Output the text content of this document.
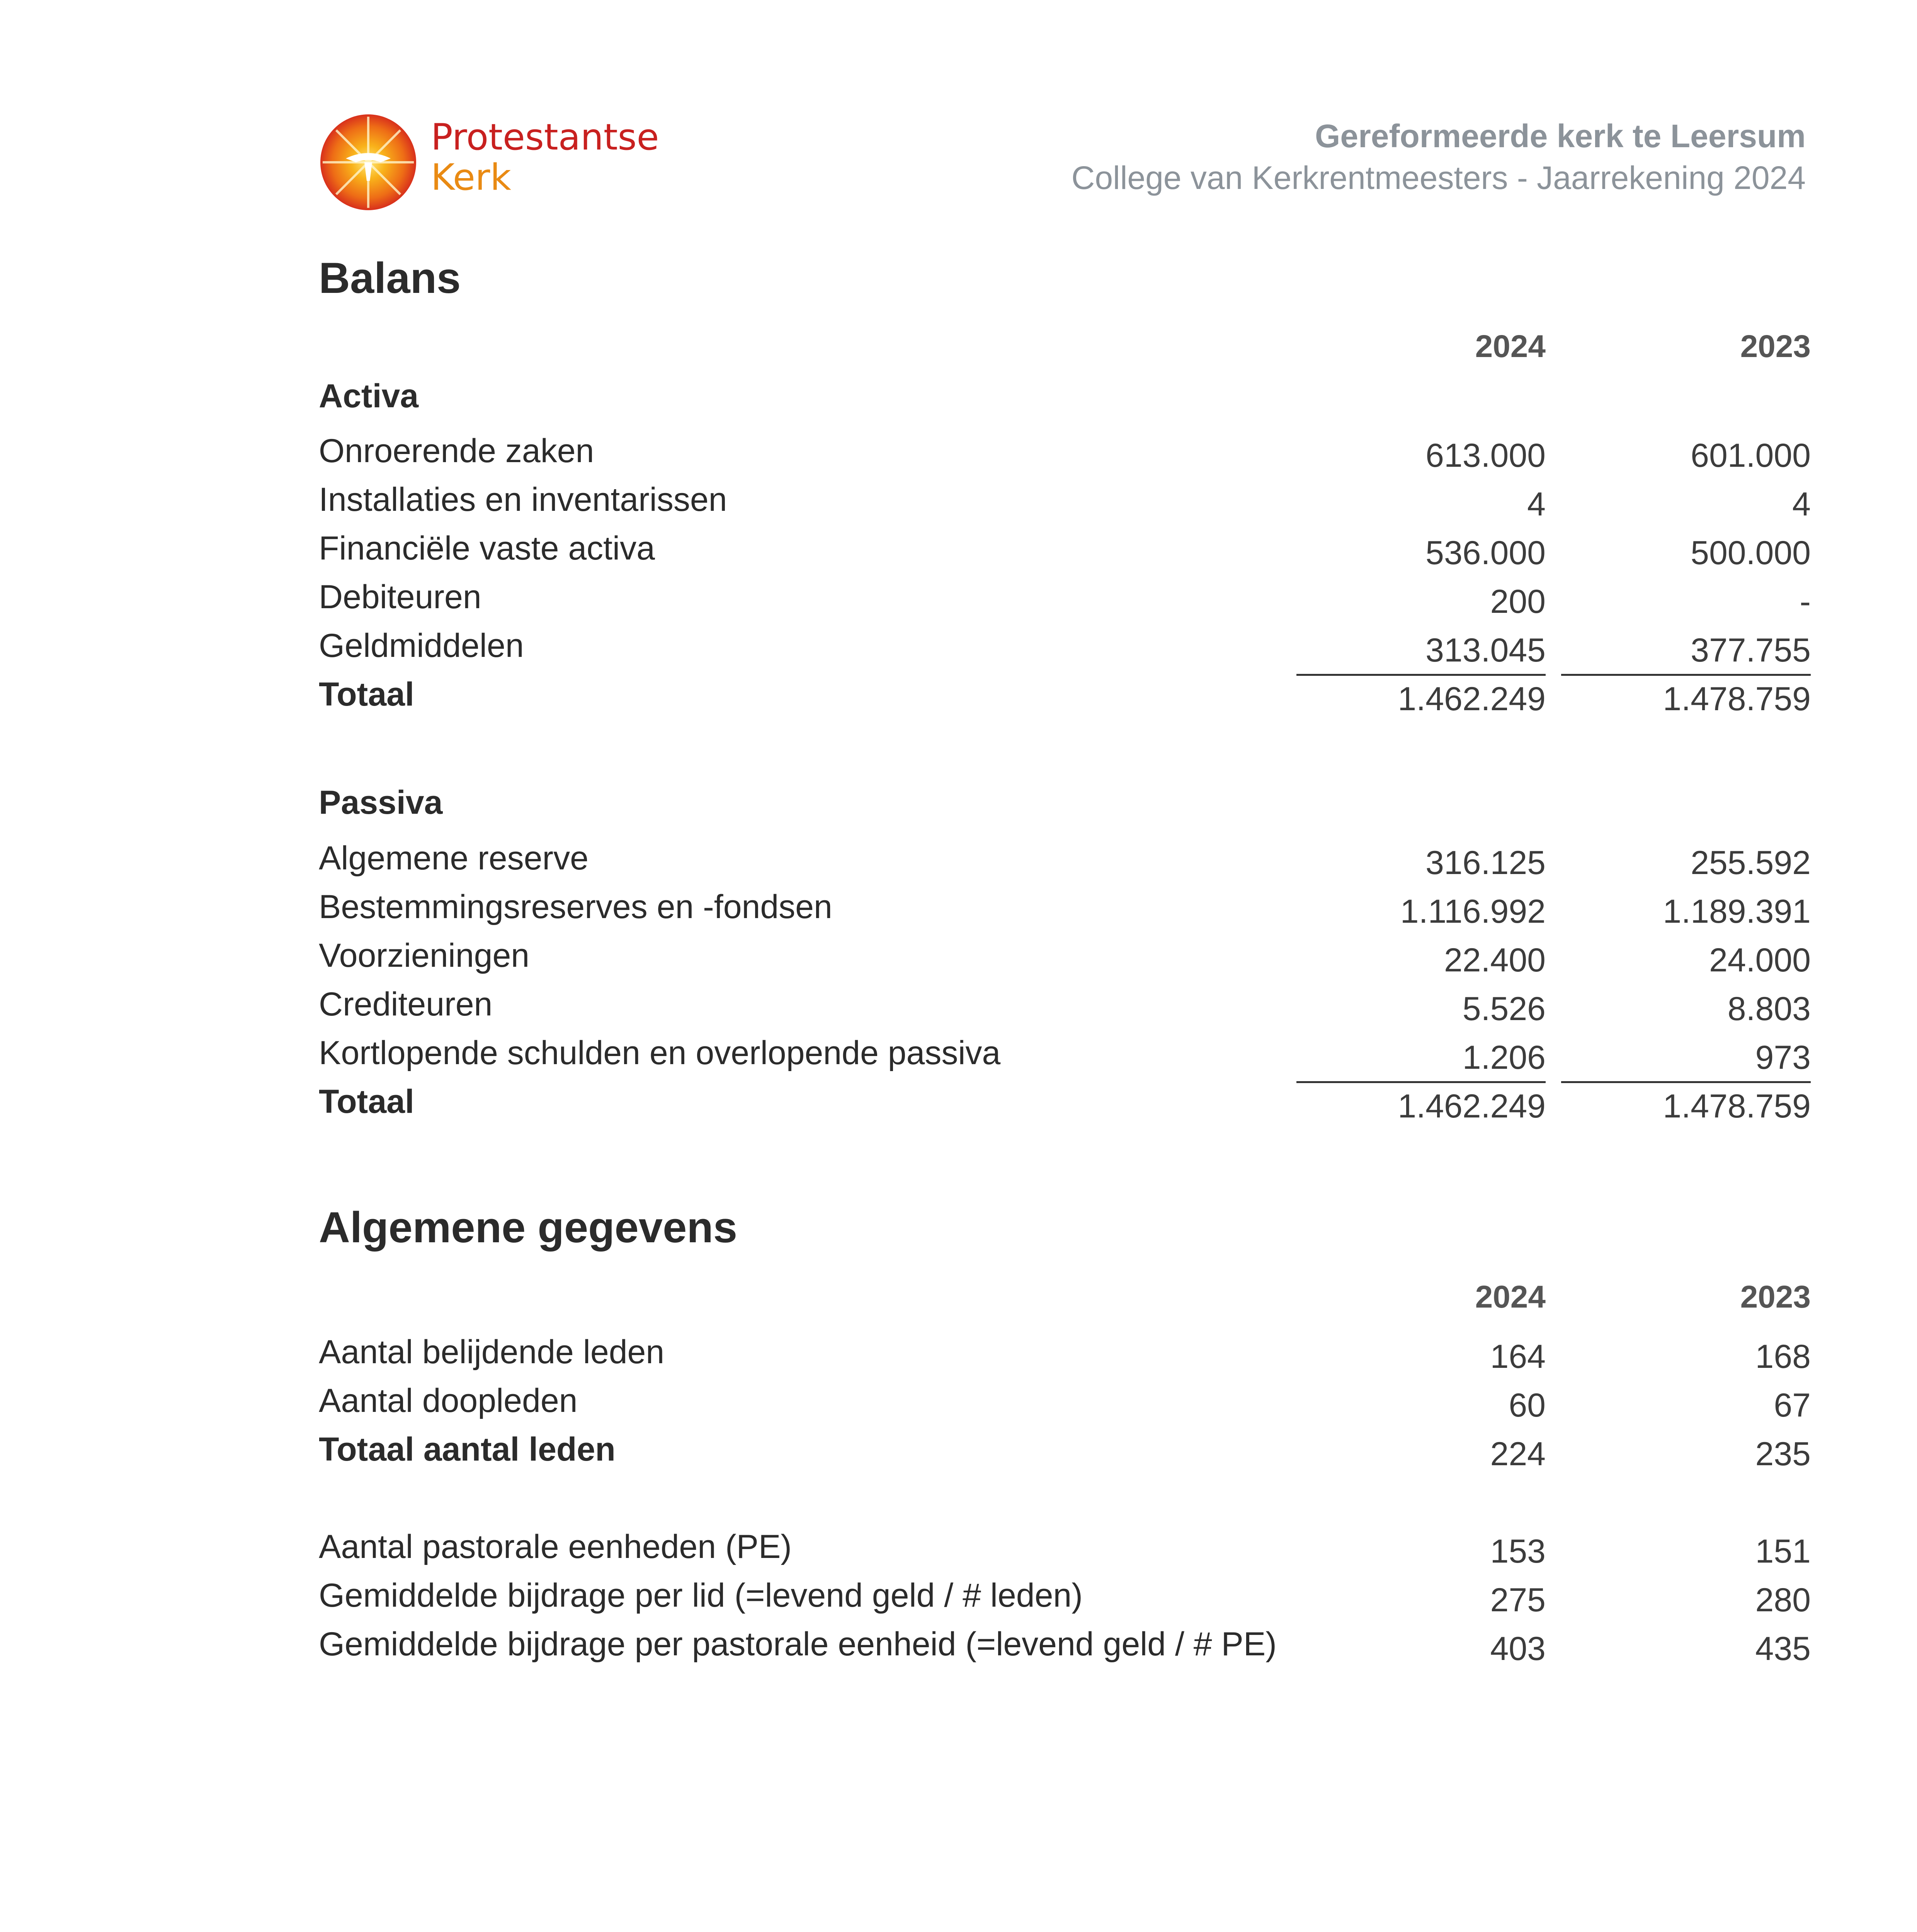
Protestantse
Kerk
Gereformeerde kerk te Leersum
College van Kerkrentmeesters - Jaarrekening 2024
Balans
2024	2023
Activa
Onroerende zaken	613.000	601.000
Installaties en inventarissen	4	4
Financiële vaste activa	536.000	500.000
Debiteuren	200	-
Geldmiddelen	313.045	377.755
Totaal	1.462.249	1.478.759
Passiva
Algemene reserve	316.125	255.592
Bestemmingsreserves en -fondsen	1.116.992	1.189.391
Voorzieningen	22.400	24.000
Crediteuren	5.526	8.803
Kortlopende schulden en overlopende passiva	1.206	973
Totaal	1.462.249	1.478.759
Algemene gegevens
2024	2023
Aantal belijdende leden	164	168
Aantal doopleden	60	67
Totaal aantal leden	224	235
Aantal pastorale eenheden (PE)	153	151
Gemiddelde bijdrage per lid (=levend geld / # leden)	275	280
Gemiddelde bijdrage per pastorale eenheid (=levend geld / # PE)	403	435
